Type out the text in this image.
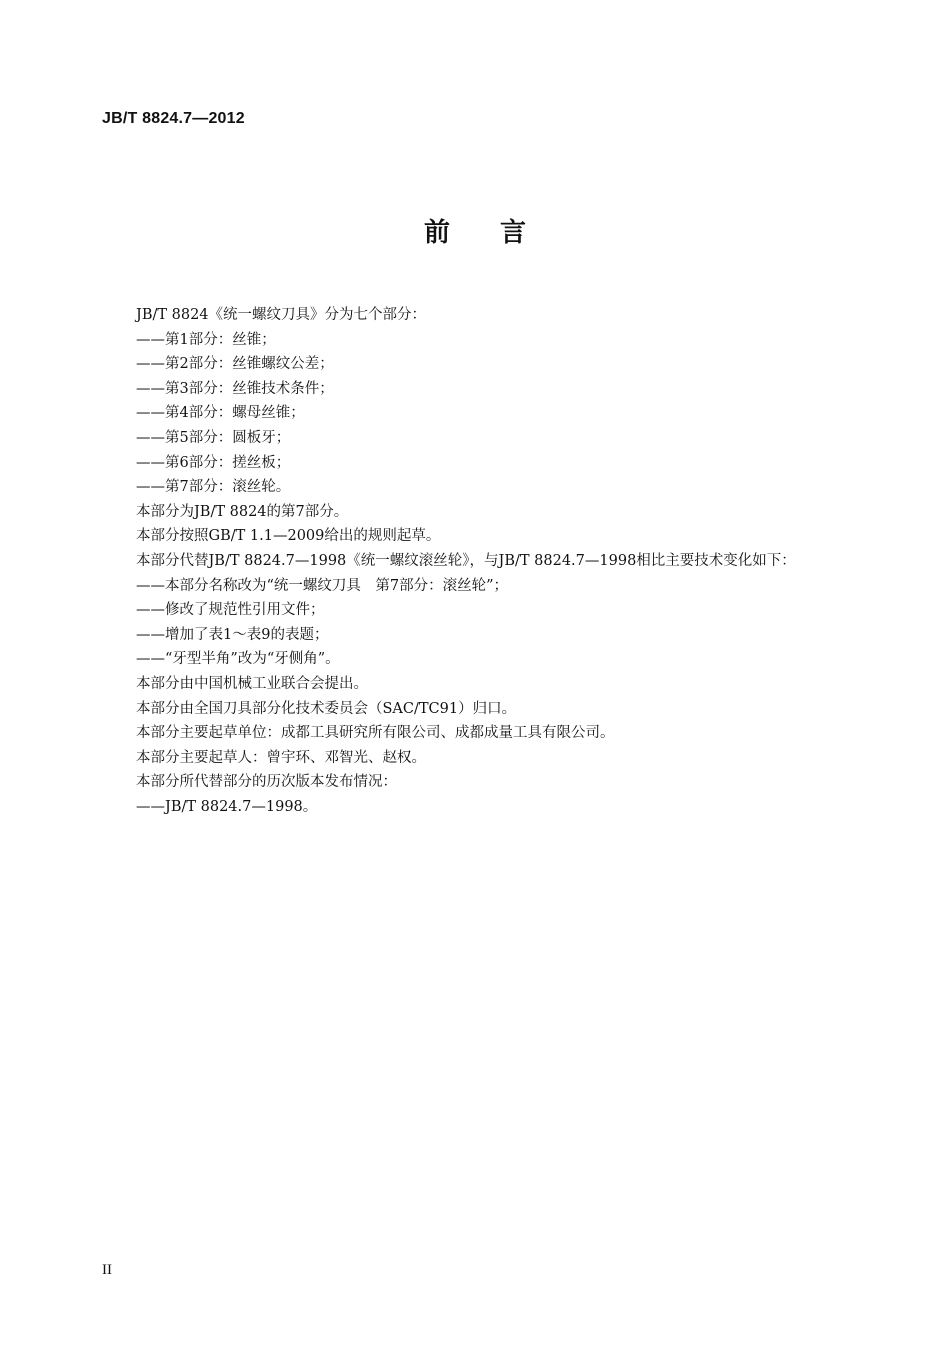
JB/T 8824.7—2012
前 言
JB/T 8824《统一螺纹刀具》分为七个部分：
——第1部分：丝锥；
——第2部分：丝锥螺纹公差；
——第3部分：丝锥技术条件；
——第4部分：螺母丝锥；
——第5部分：圆板牙；
——第6部分：搓丝板；
——第7部分：滚丝轮。
本部分为JB/T 8824的第7部分。
本部分按照GB/T 1.1—2009给出的规则起草。
本部分代替JB/T 8824.7—1998《统一螺纹滚丝轮》，与JB/T 8824.7—1998相比主要技术变化如下：
——本部分名称改为“统一螺纹刀具　第7部分：滚丝轮”；
——修改了规范性引用文件；
——增加了表1～表9的表题；
——“牙型半角”改为“牙侧角”。
本部分由中国机械工业联合会提出。
本部分由全国刀具部分化技术委员会（SAC/TC91）归口。
本部分主要起草单位：成都工具研究所有限公司、成都成量工具有限公司。
本部分主要起草人：曾宇环、邓智光、赵权。
本部分所代替部分的历次版本发布情况：
——JB/T 8824.7—1998。
II
